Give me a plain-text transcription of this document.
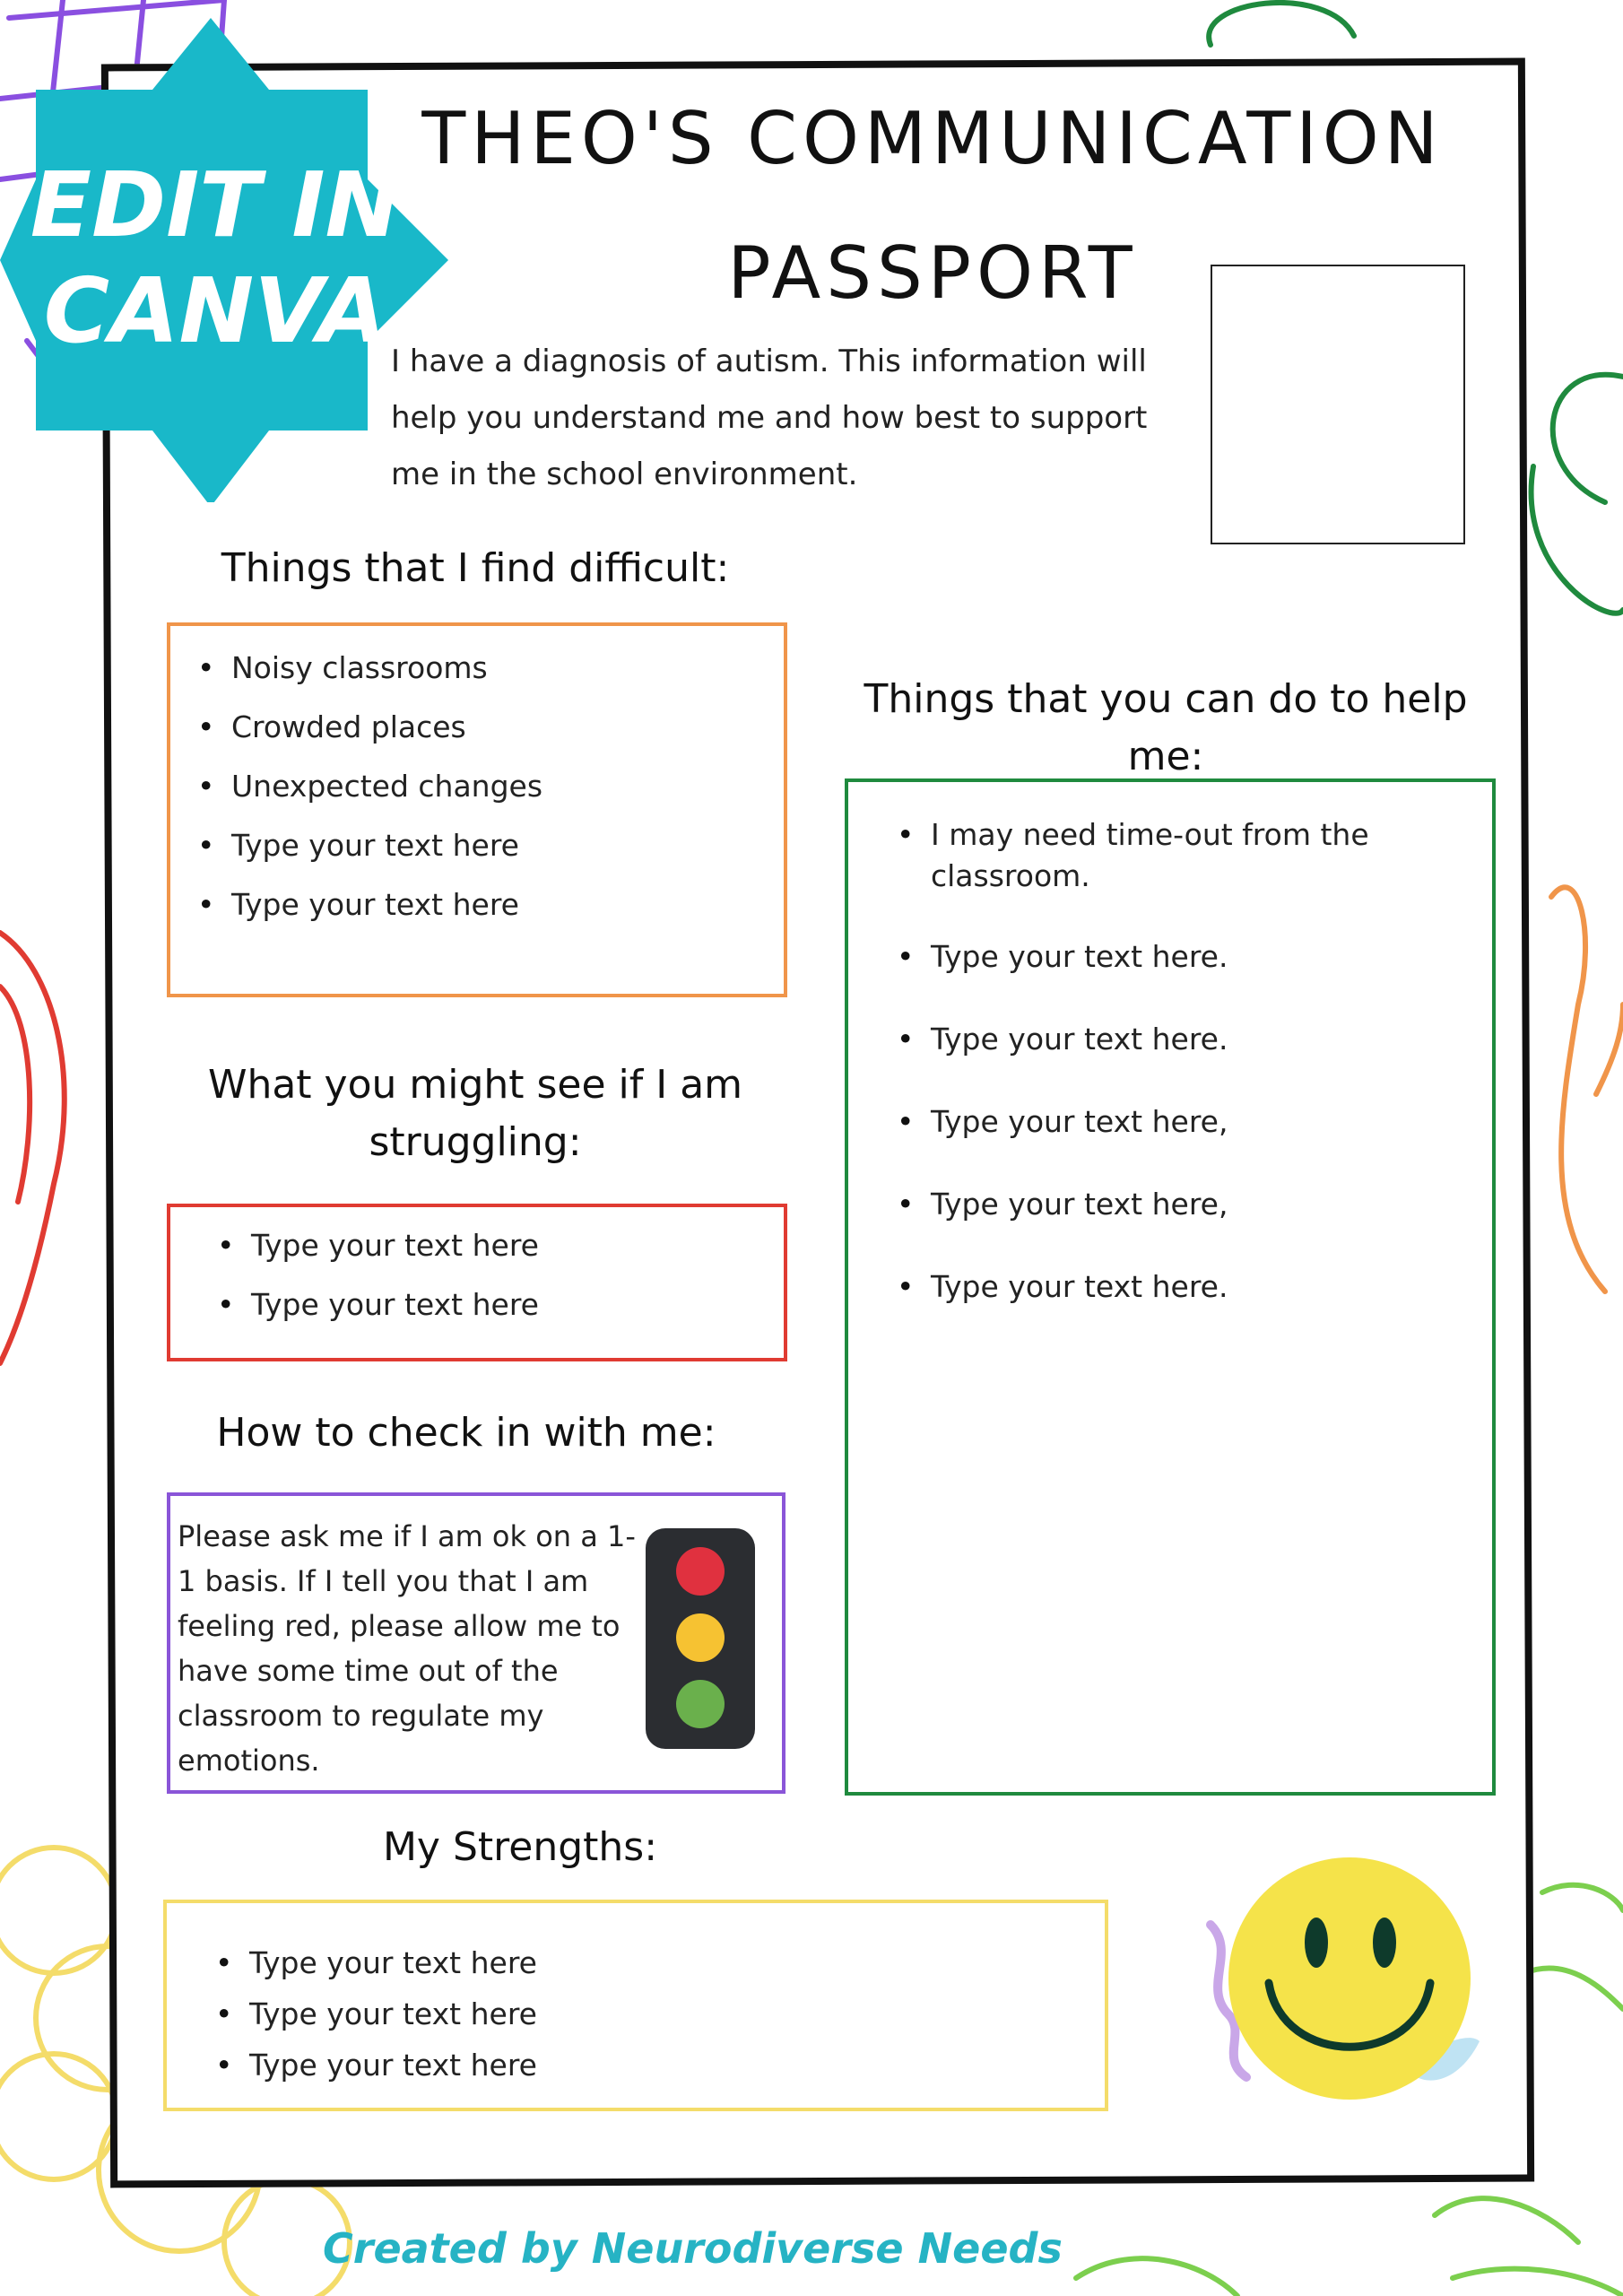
THEO'S COMMUNICATION
PASSPORT
I have a diagnosis of autism. This information will help you understand me and how best to support me in the school environment.
Things that I find difficult:
• Noisy classrooms
• Crowded places
• Unexpected changes
• Type your text here
• Type your text here
Things that you can do to help me:
• I may need time-out from the classroom.
• Type your text here.
• Type your text here.
• Type your text here,
• Type your text here,
• Type your text here.
What you might see if I am struggling:
• Type your text here
• Type your text here
How to check in with me:
Please ask me if I am ok on a 1-1 basis. If I tell you that I am feeling red, please allow me to have some time out of the classroom to regulate my emotions.
My Strengths:
• Type your text here
• Type your text here
• Type your text here
EDIT IN
CANVA
Created by Neurodiverse Needs
